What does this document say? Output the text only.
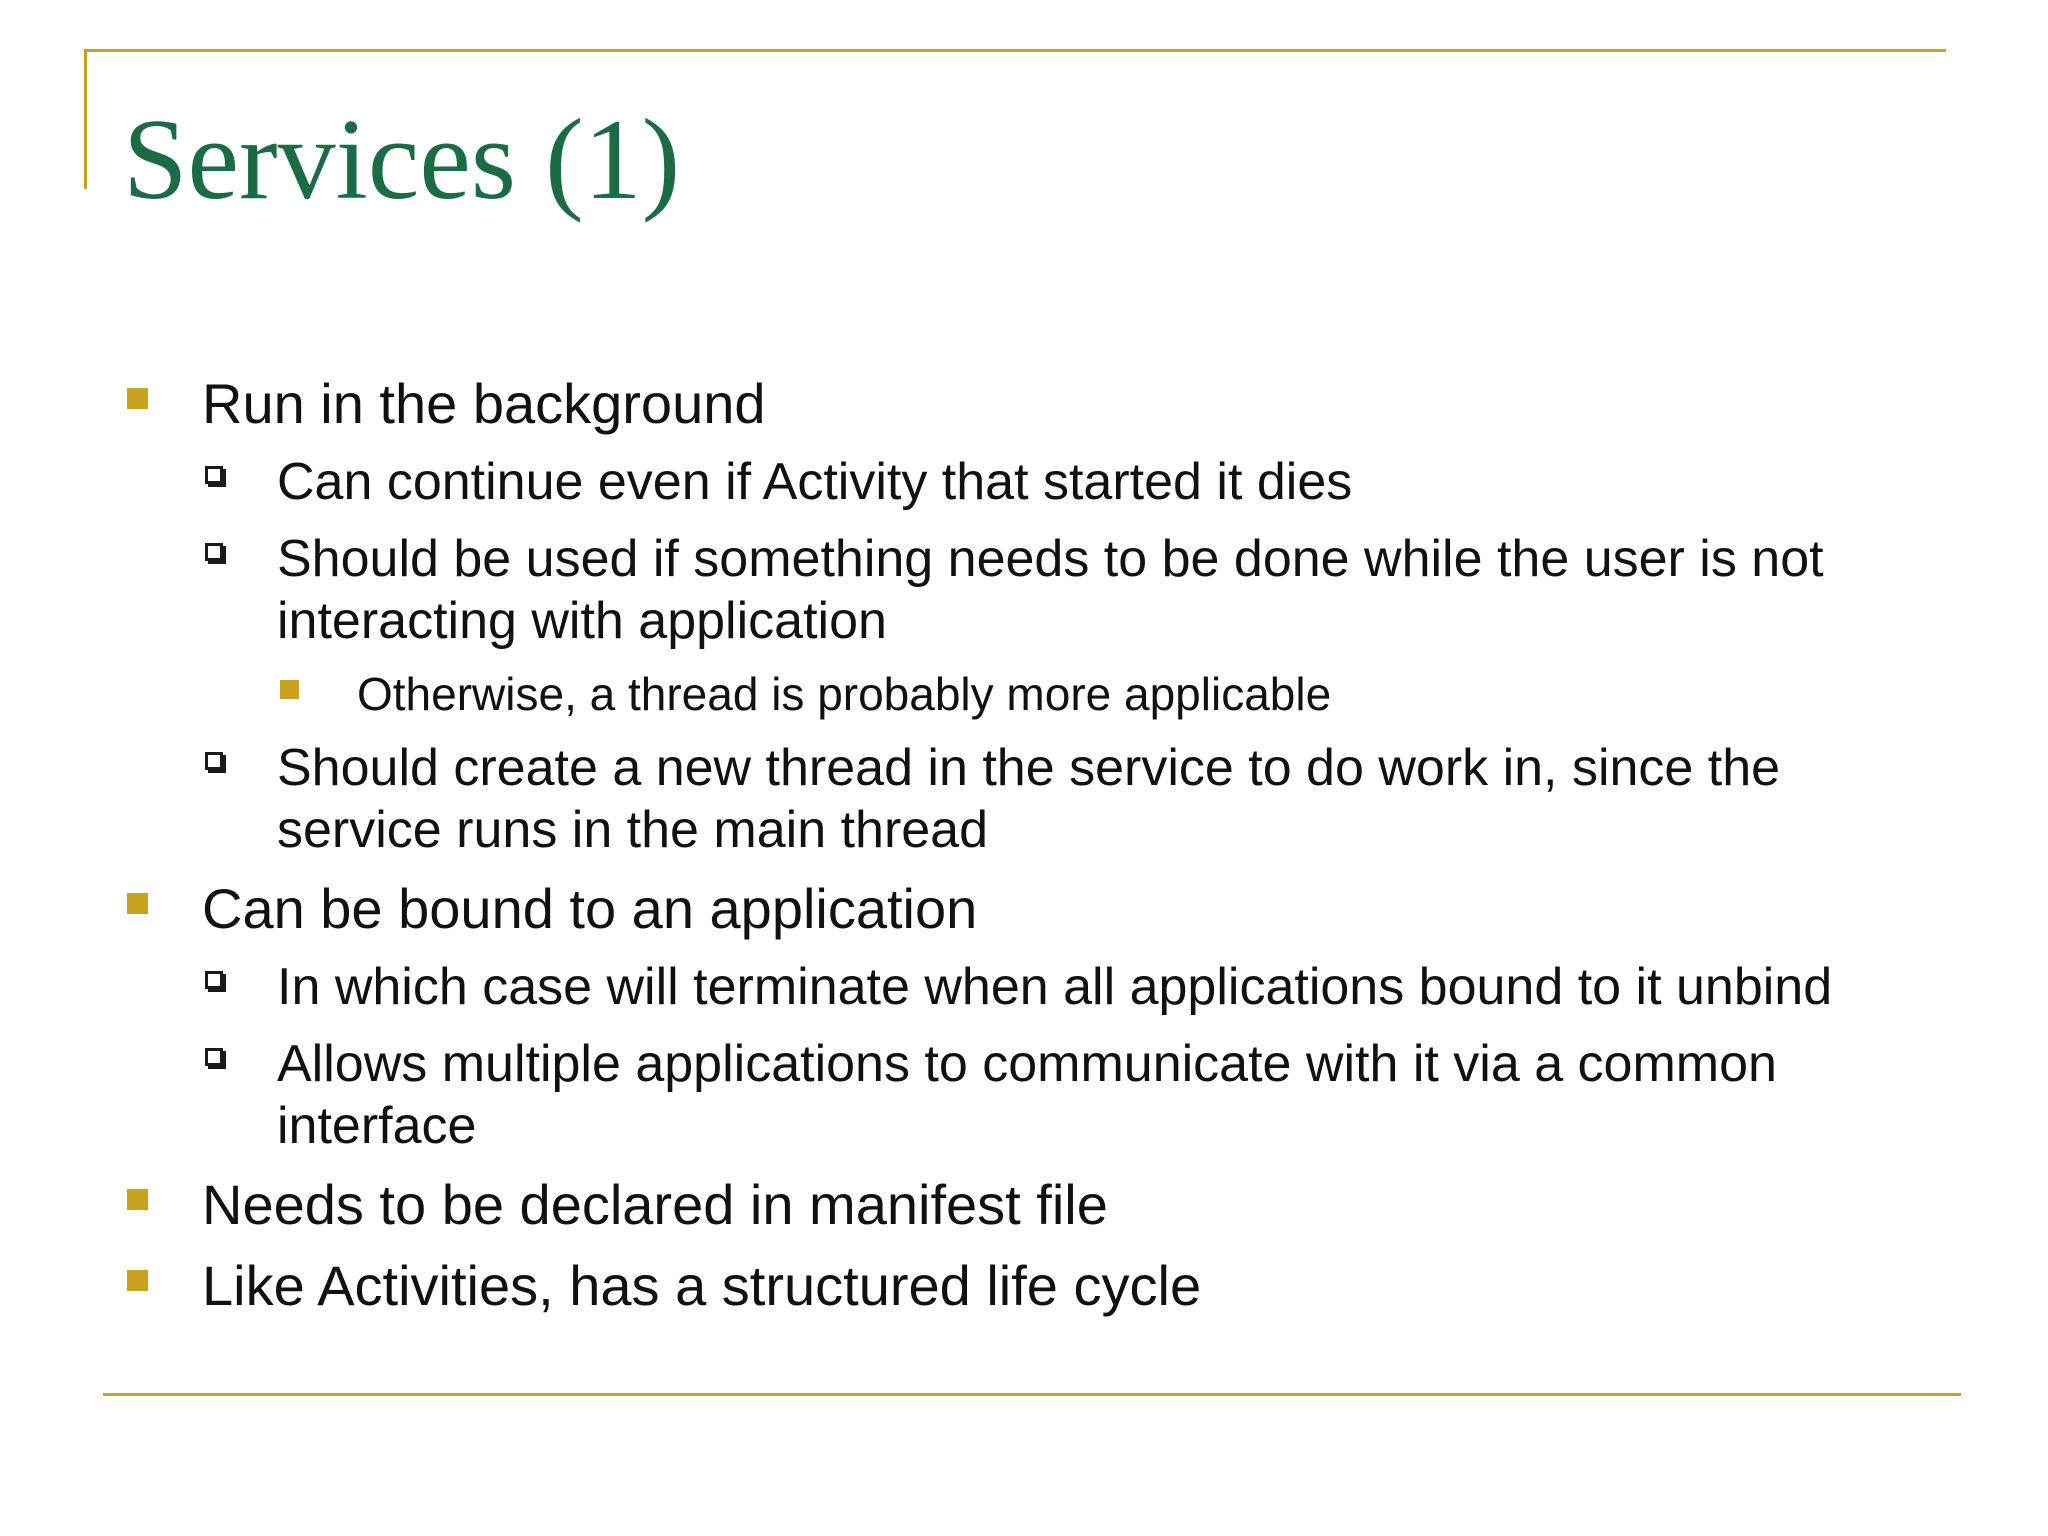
Services (1)
Run in the background
Can continue even if Activity that started it dies
Should be used if something needs to be done while the user is not
interacting with application
Otherwise, a thread is probably more applicable
Should create a new thread in the service to do work in, since the
service runs in the main thread
Can be bound to an application
In which case will terminate when all applications bound to it unbind
Allows multiple applications to communicate with it via a common
interface
Needs to be declared in manifest file
Like Activities, has a structured life cycle
